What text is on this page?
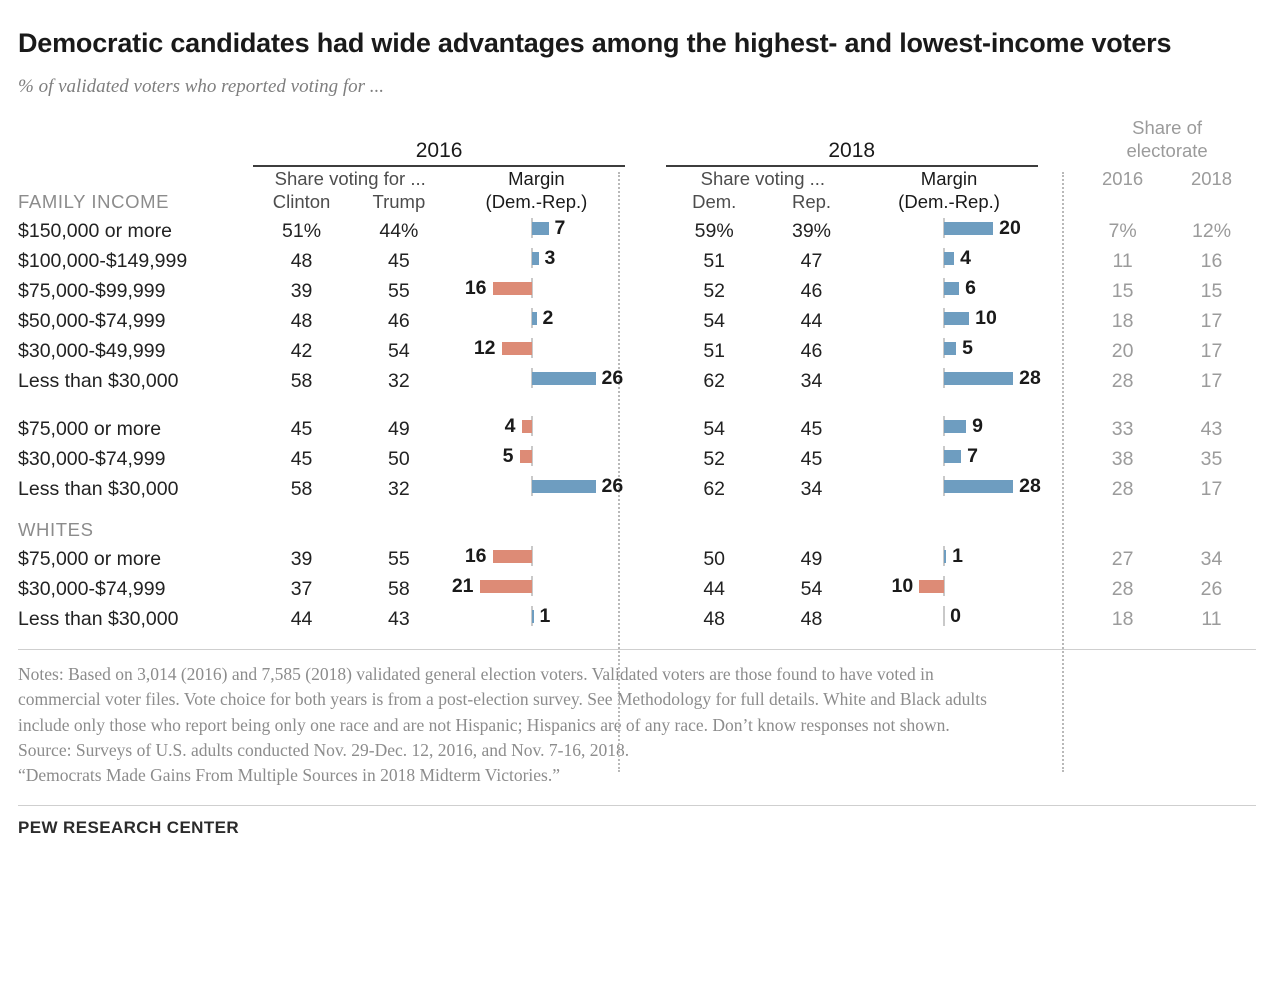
Democratic candidates had wide advantages among the highest- and lowest-income voters
% of validated voters who reported voting for ...
	2016				2018				Share of
electorate	

	Share voting for ...		Margin
(Dem.-Rep.)		Share voting ...		Margin
(Dem.-Rep.)		2016	2018
FAMILY INCOME	Clinton	Trump			Dem.	Rep.				
$150,000 or more	51%	44%	7		59%	39%	20		7%	12%
$100,000-$149,999	48	45	3		51	47	4		11	16
$75,000-$99,999	39	55	16		52	46	6		15	15
$50,000-$74,999	48	46	2		54	44	10		18	17
$30,000-$49,999	42	54	12		51	46	5		20	17
Less than $30,000	58	32	26		62	34	28		28	17

$75,000 or more	45	49	4		54	45	9		33	43
$30,000-$74,999	45	50	5		52	45	7		38	35
Less than $30,000	58	32	26		62	34	28		28	17

WHITES										
$75,000 or more	39	55	16		50	49	1		27	34
$30,000-$74,999	37	58	21		44	54	10		28	26
Less than $30,000	44	43	1		48	48	0		18	11

Notes: Based on 3,014 (2016) and 7,585 (2018) validated general election voters. Validated voters are those found to have voted in

commercial voter files. Vote choice for both years is from a post-election survey. See Methodology for full details. White and Black adults

include only those who report being only one race and are not Hispanic; Hispanics are of any race. Don’t know responses not shown.

Source: Surveys of U.S. adults conducted Nov. 29-Dec. 12, 2016, and Nov. 7-16, 2018.

“Democrats Made Gains From Multiple Sources in 2018 Midterm Victories.”

PEW RESEARCH CENTER
